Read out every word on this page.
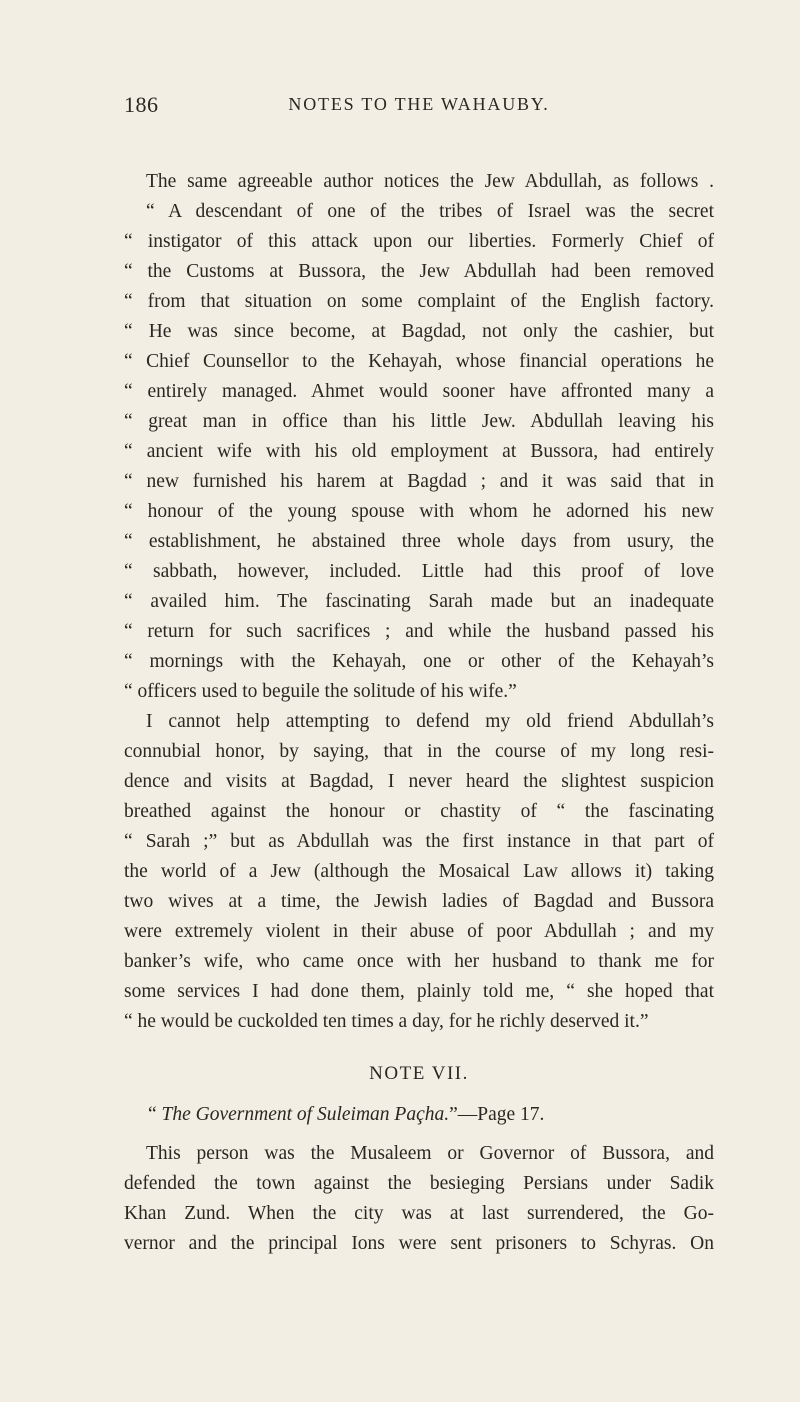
186	NOTES TO THE WAHAUBY.
The same agreeable author notices the Jew Abdullah, as follows .
“ A descendant of one of the tribes of Israel was the secret
“ instigator of this attack upon our liberties. Formerly Chief of
“ the Customs at Bussora, the Jew Abdullah had been removed
“ from that situation on some complaint of the English factory.
“ He was since become, at Bagdad, not only the cashier, but
“ Chief Counsellor to the Kehayah, whose financial operations he
“ entirely managed. Ahmet would sooner have affronted many a
“ great man in office than his little Jew. Abdullah leaving his
“ ancient wife with his old employment at Bussora, had entirely
“ new furnished his harem at Bagdad ; and it was said that in
“ honour of the young spouse with whom he adorned his new
“ establishment, he abstained three whole days from usury, the
“ sabbath, however, included. Little had this proof of love
“ availed him. The fascinating Sarah made but an inadequate
“ return for such sacrifices ; and while the husband passed his
“ mornings with the Kehayah, one or other of the Kehayah’s
“ officers used to beguile the solitude of his wife.”
I cannot help attempting to defend my old friend Abdullah’s
connubial honor, by saying, that in the course of my long resi-
dence and visits at Bagdad, I never heard the slightest suspicion
breathed against the honour or chastity of “ the fascinating
“ Sarah ;” but as Abdullah was the first instance in that part of
the world of a Jew (although the Mosaical Law allows it) taking
two wives at a time, the Jewish ladies of Bagdad and Bussora
were extremely violent in their abuse of poor Abdullah ; and my
banker’s wife, who came once with her husband to thank me for
some services I had done them, plainly told me, “ she hoped that
“ he would be cuckolded ten times a day, for he richly deserved it.”
NOTE VII.
“ The Government of Suleiman Paçha.”—Page 17.
This person was the Musaleem or Governor of Bussora, and
defended the town against the besieging Persians under Sadik
Khan Zund. When the city was at last surrendered, the Go-
vernor and the principal Ions were sent prisoners to Schyras. On
